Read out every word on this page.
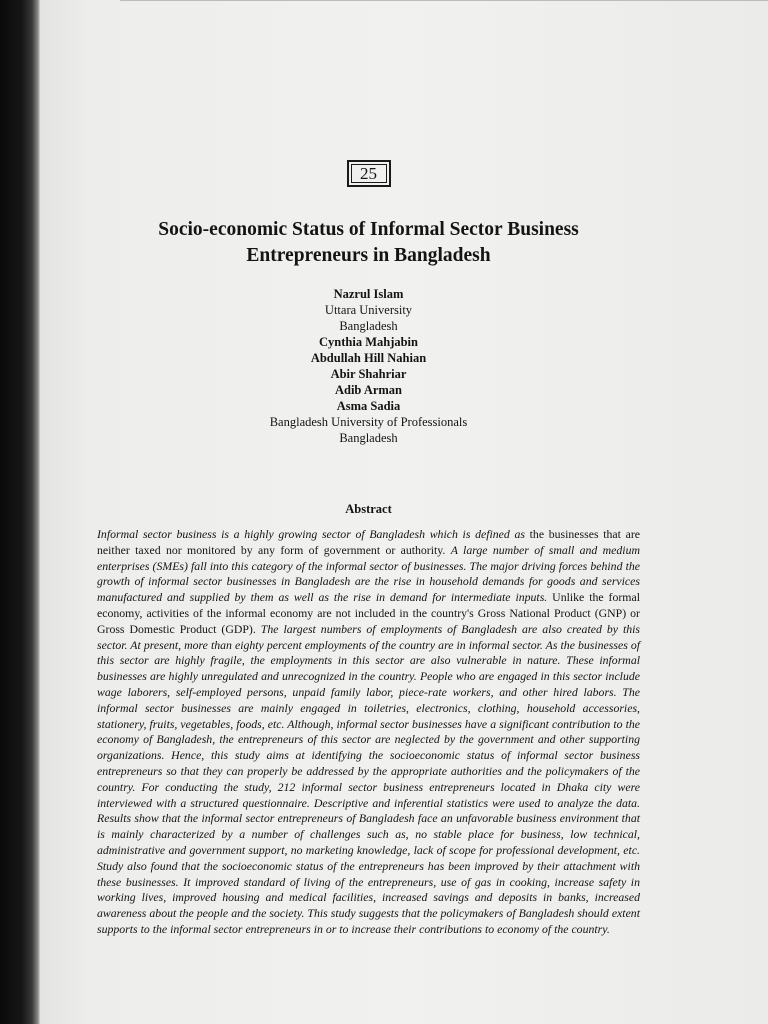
25
Socio-economic Status of Informal Sector Business
Entrepreneurs in Bangladesh
Nazrul Islam
Uttara University
Bangladesh
Cynthia Mahjabin
Abdullah Hill Nahian
Abir Shahriar
Adib Arman
Asma Sadia
Bangladesh University of Professionals
Bangladesh
Abstract
Informal sector business is a highly growing sector of Bangladesh which is defined as the businesses that are neither taxed nor monitored by any form of government or authority. A large number of small and medium enterprises (SMEs) fall into this category of the informal sector of businesses. The major driving forces behind the growth of informal sector businesses in Bangladesh are the rise in household demands for goods and services manufactured and supplied by them as well as the rise in demand for intermediate inputs. Unlike the formal economy, activities of the informal economy are not included in the country's Gross National Product (GNP) or Gross Domestic Product (GDP). The largest numbers of employments of Bangladesh are also created by this sector. At present, more than eighty percent employments of the country are in informal sector. As the businesses of this sector are highly fragile, the employments in this sector are also vulnerable in nature. These informal businesses are highly unregulated and unrecognized in the country. People who are engaged in this sector include wage laborers, self-employed persons, unpaid family labor, piece-rate workers, and other hired labors. The informal sector businesses are mainly engaged in toiletries, electronics, clothing, household accessories, stationery, fruits, vegetables, foods, etc. Although, informal sector businesses have a significant contribution to the economy of Bangladesh, the entrepreneurs of this sector are neglected by the government and other supporting organizations. Hence, this study aims at identifying the socioeconomic status of informal sector business entrepreneurs so that they can properly be addressed by the appropriate authorities and the policymakers of the country. For conducting the study, 212 informal sector business entrepreneurs located in Dhaka city were interviewed with a structured questionnaire. Descriptive and inferential statistics were used to analyze the data. Results show that the informal sector entrepreneurs of Bangladesh face an unfavorable business environment that is mainly characterized by a number of challenges such as, no stable place for business, low technical, administrative and government support, no marketing knowledge, lack of scope for professional development, etc. Study also found that the socioeconomic status of the entrepreneurs has been improved by their attachment with these businesses. It improved standard of living of the entrepreneurs, use of gas in cooking, increase safety in working lives, improved housing and medical facilities, increased savings and deposits in banks, increased awareness about the people and the society. This study suggests that the policymakers of Bangladesh should extent supports to the informal sector entrepreneurs in or to increase their contributions to economy of the country.
